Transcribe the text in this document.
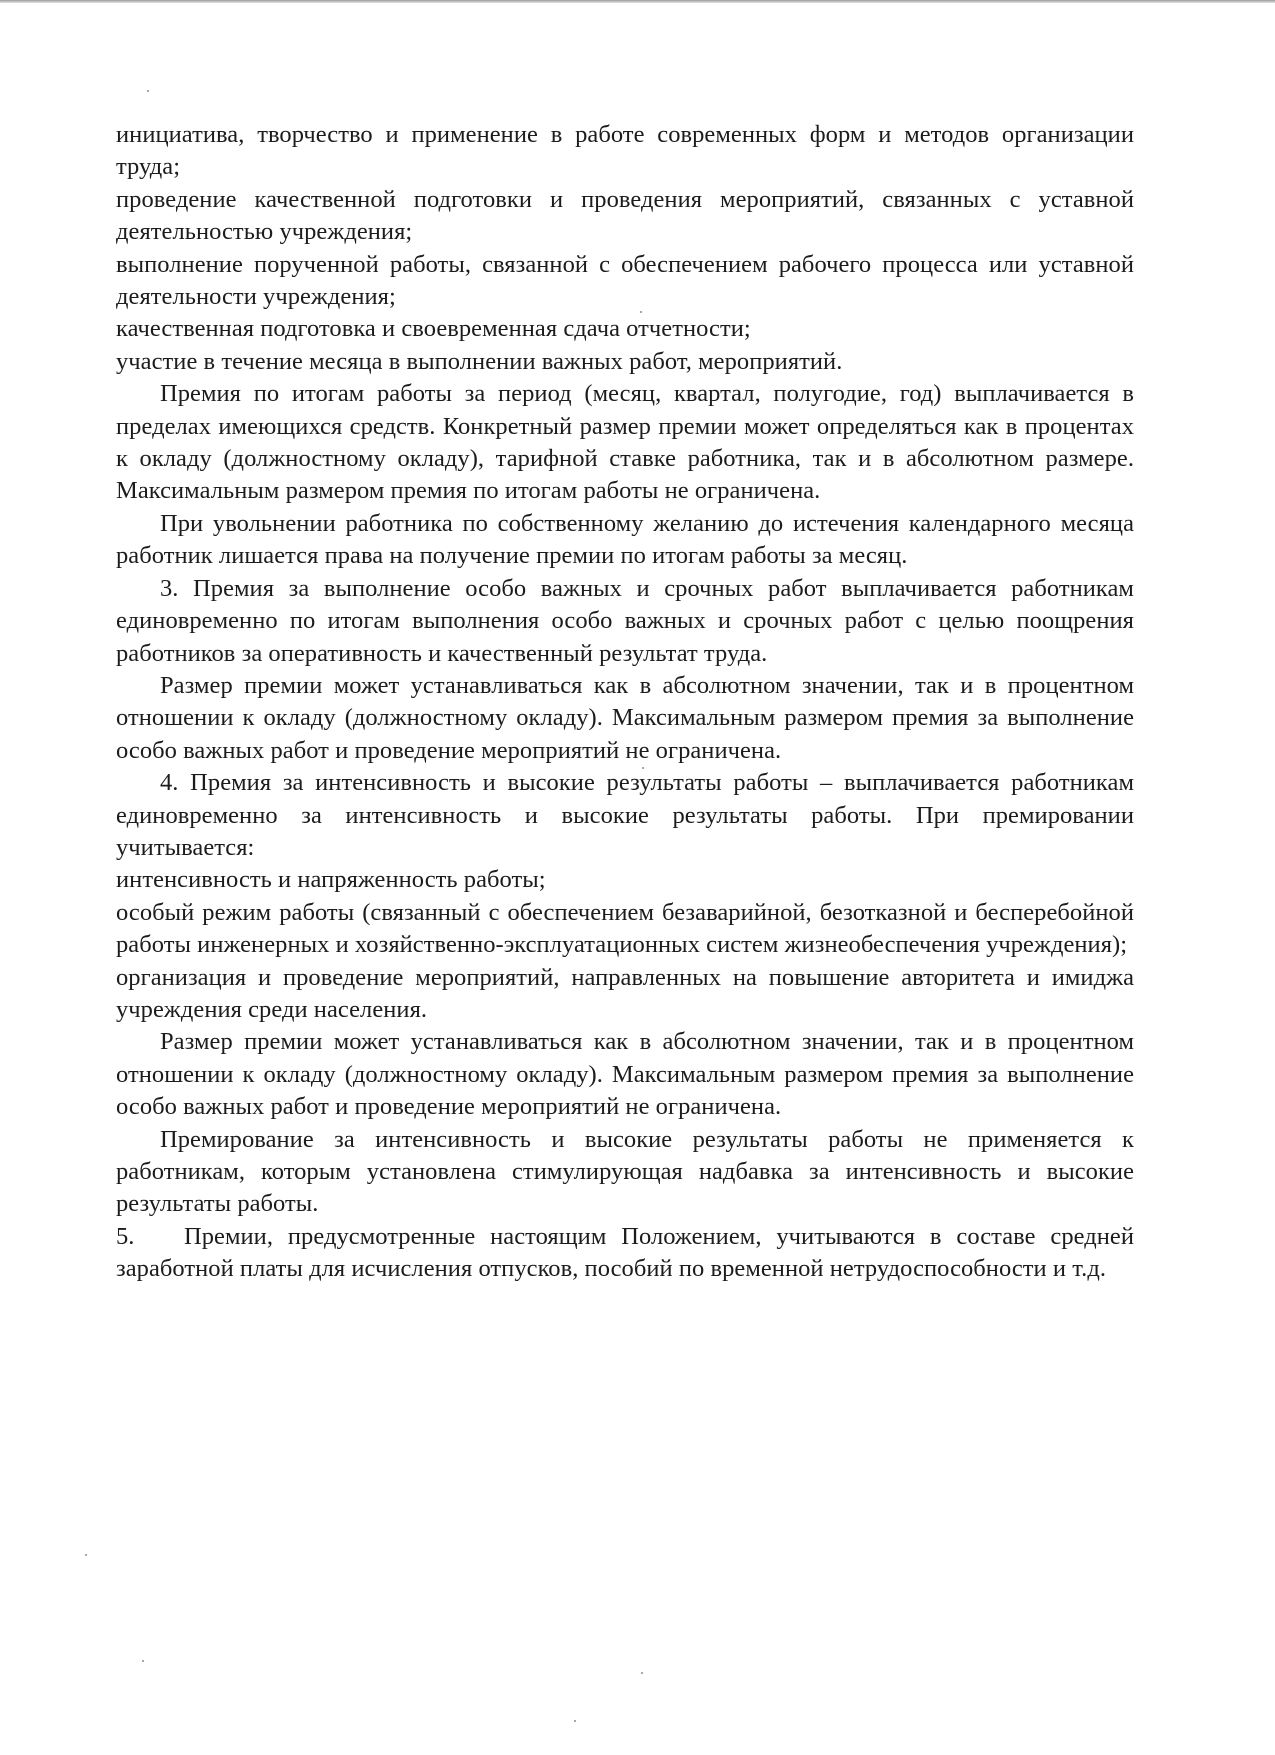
инициатива, творчество и применение в работе современных форм и методов организации труда;

проведение качественной подготовки и проведения мероприятий, связанных с уставной деятельностью учреждения;

выполнение порученной работы, связанной с обеспечением рабочего процесса или уставной деятельности учреждения;

качественная подготовка и своевременная сдача отчетности;

участие в течение месяца в выполнении важных работ, мероприятий.

Премия по итогам работы за период (месяц, квартал, полугодие, год) выплачивается в пределах имеющихся средств. Конкретный размер премии может определяться как в процентах к окладу (должностному окладу), тарифной ставке работника, так и в абсолютном размере. Максимальным размером премия по итогам работы не ограничена.

При увольнении работника по собственному желанию до истечения календарного месяца работник лишается права на получение премии по итогам работы за месяц.

3. Премия за выполнение особо важных и срочных работ выплачивается работникам единовременно по итогам выполнения особо важных и срочных работ с целью поощрения работников за оперативность и качественный результат труда.

Размер премии может устанавливаться как в абсолютном значении, так и в процентном отношении к окладу (должностному окладу). Максимальным размером премия за выполнение особо важных работ и проведение мероприятий не ограничена.

4. Премия за интенсивность и высокие результаты работы – выплачивается работникам единовременно за интенсивность и высокие результаты работы. При премировании учитывается:

интенсивность и напряженность работы;

особый режим работы (связанный с обеспечением безаварийной, безотказной и бесперебойной работы инженерных и хозяйственно-эксплуатационных систем жизнеобеспечения учреждения);

организация и проведение мероприятий, направленных на повышение авторитета и имиджа учреждения среди населения.

Размер премии может устанавливаться как в абсолютном значении, так и в процентном отношении к окладу (должностному окладу). Максимальным размером премия за выполнение особо важных работ и проведение мероприятий не ограничена.

Премирование за интенсивность и высокие результаты работы не применяется к работникам, которым установлена стимулирующая надбавка за интенсивность и высокие результаты работы.

5. Премии, предусмотренные настоящим Положением, учитываются в составе средней заработной платы для исчисления отпусков, пособий по временной нетрудоспособности и т.д.
